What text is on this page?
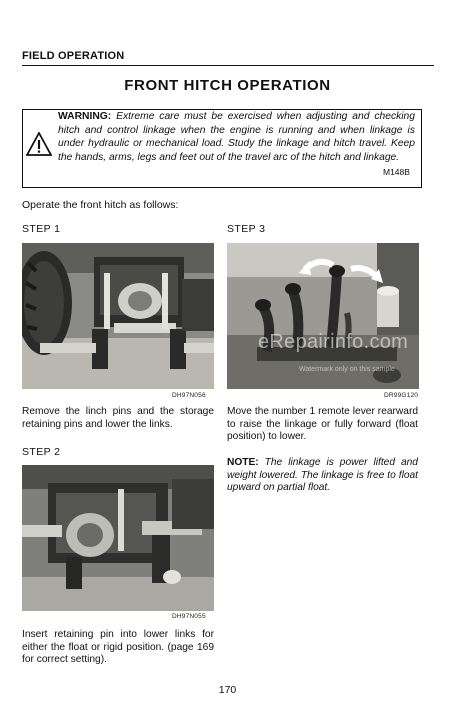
FIELD OPERATION
FRONT HITCH OPERATION
WARNING: Extreme care must be exercised when adjusting and checking hitch and control linkage when the engine is running and when linkage is under hydraulic or mechanical load. Study the linkage and hitch travel. Keep the hands, arms, legs and feet out of the travel arc of the hitch and linkage.
M148B
Operate the front hitch as follows:
STEP 1
DH97N056
Remove the linch pins and the storage retaining pins and lower the links.
STEP 2
DH97N055
Insert retaining pin into lower links for either the float or rigid position. (page 169 for correct setting).
STEP 3
eRepairinfo.com
Watermark only on this sample
DR99G120
Move the number 1 remote lever rearward to raise the linkage or fully forward (float position) to lower.
NOTE: The linkage is power lifted and weight lowered. The linkage is free to float upward on partial float.
170
